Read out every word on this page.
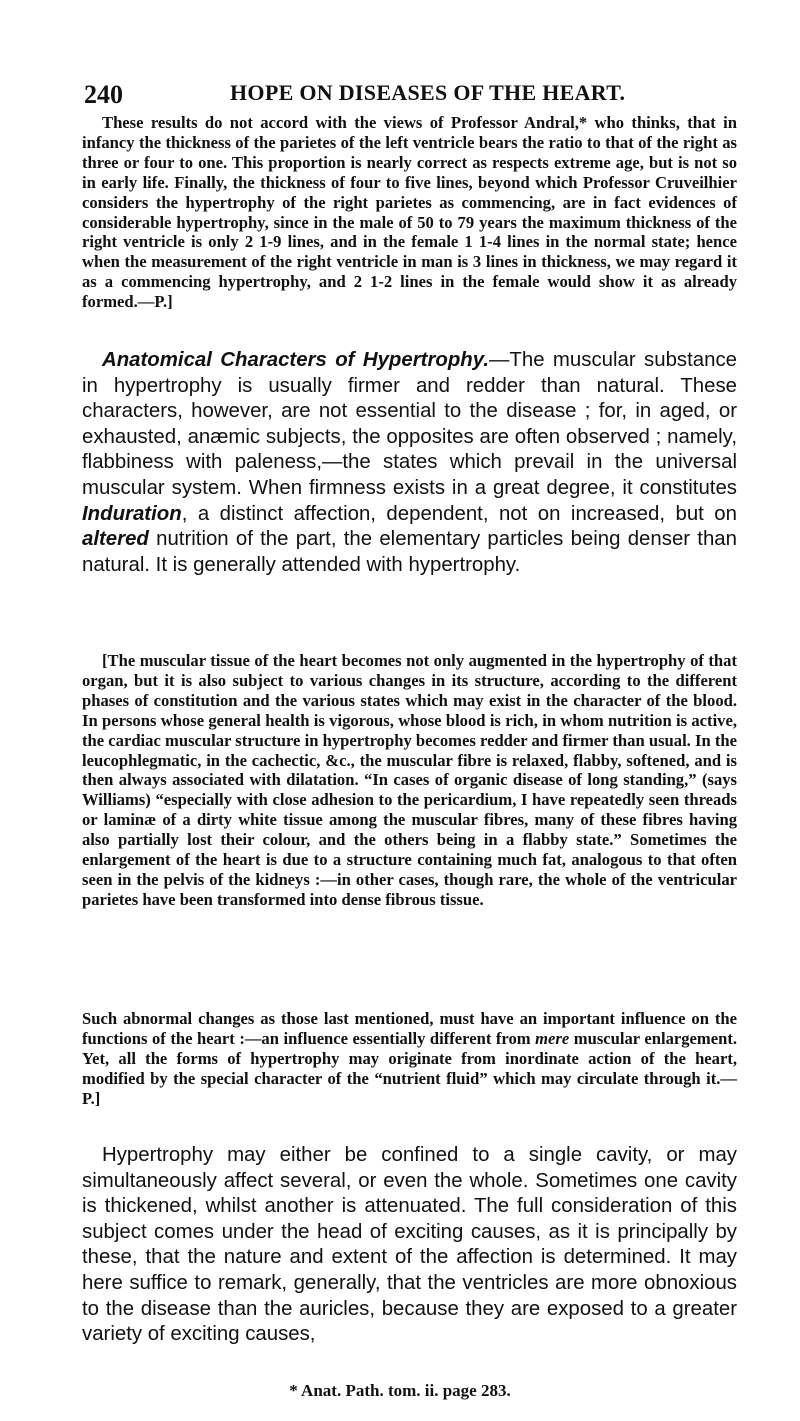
240	HOPE ON DISEASES OF THE HEART.

These results do not accord with the views of Professor Andral,* who thinks, that in infancy the thickness of the parietes of the left ventricle bears the ratio to that of the right as three or four to one. This proportion is nearly correct as respects extreme age, but is not so in early life. Finally, the thickness of four to five lines, beyond which Professor Cruveilhier considers the hypertrophy of the right parietes as commencing, are in fact evidences of considerable hypertrophy, since in the male of 50 to 79 years the maximum thickness of the right ventricle is only 2 1-9 lines, and in the female 1 1-4 lines in the normal state; hence when the measurement of the right ventricle in man is 3 lines in thickness, we may regard it as a commencing hypertrophy, and 2 1-2 lines in the female would show it as already formed.—P.]

Anatomical Characters of Hypertrophy.—The muscular substance in hypertrophy is usually firmer and redder than natural. These characters, however, are not essential to the disease ; for, in aged, or exhausted, anæmic subjects, the opposites are often observed ; namely, flabbiness with paleness,—the states which prevail in the universal muscular system. When firmness exists in a great degree, it constitutes Induration, a distinct affection, dependent, not on increased, but on altered nutrition of the part, the elementary particles being denser than natural. It is generally attended with hypertrophy.

[The muscular tissue of the heart becomes not only augmented in the hypertrophy of that organ, but it is also subject to various changes in its structure, according to the different phases of constitution and the various states which may exist in the character of the blood. In persons whose general health is vigorous, whose blood is rich, in whom nutrition is active, the cardiac muscular structure in hypertrophy becomes redder and firmer than usual. In the leucophlegmatic, in the cachectic, &c., the muscular fibre is relaxed, flabby, softened, and is then always associated with dilatation. “In cases of organic disease of long standing,” (says Williams) “especially with close adhesion to the pericardium, I have repeatedly seen threads or laminæ of a dirty white tissue among the muscular fibres, many of these fibres having also partially lost their colour, and the others being in a flabby state.” Sometimes the enlargement of the heart is due to a structure containing much fat, analogous to that often seen in the pelvis of the kidneys :—in other cases, though rare, the whole of the ventricular parietes have been transformed into dense fibrous tissue.

Such abnormal changes as those last mentioned, must have an important influence on the functions of the heart :—an influence essentially different from mere muscular enlargement. Yet, all the forms of hypertrophy may originate from inordinate action of the heart, modified by the special character of the “nutrient fluid” which may circulate through it.—P.]

Hypertrophy may either be confined to a single cavity, or may simultaneously affect several, or even the whole. Sometimes one cavity is thickened, whilst another is attenuated. The full consideration of this subject comes under the head of exciting causes, as it is principally by these, that the nature and extent of the affection is determined. It may here suffice to remark, generally, that the ventricles are more obnoxious to the disease than the auricles, because they are exposed to a greater variety of exciting causes,

* Anat. Path. tom. ii. page 283.
